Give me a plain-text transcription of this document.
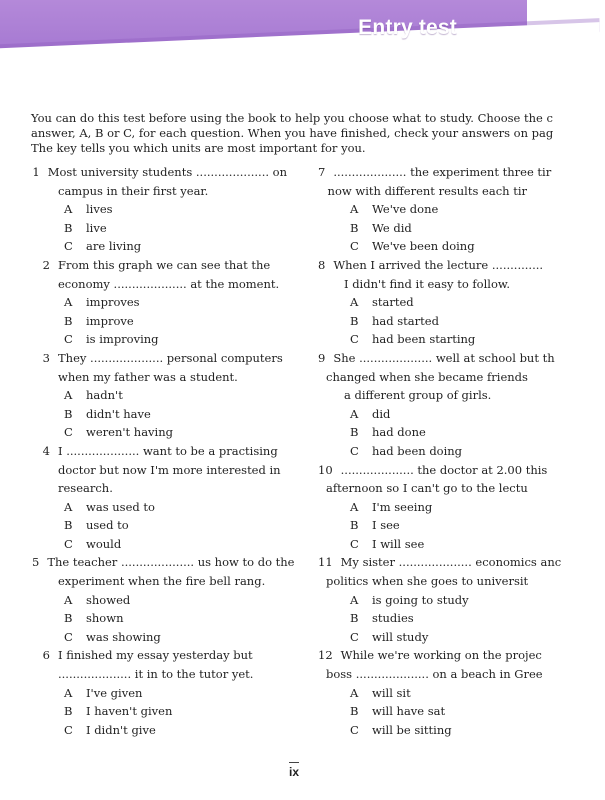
Entry test
You can do this test before using the book to help you choose what to study. Choose the c
answer, A, B or C, for each question. When you have finished, check your answers on pag
The key tells you which units are most important for you.
1 Most university students .................... on
campus in their first year.
A	lives
B	live
C	are living
2 From this graph we can see that the
economy .................... at the moment.
A	improves
B	improve
C	is improving
3 They .................... personal computers
when my father was a student.
A	hadn't
B	didn't have
C	weren't having
4 I .................... want to be a practising
doctor but now I'm more interested in
research.
A	was used to
B	used to
C	would
5 The teacher .................... us how to do the
experiment when the fire bell rang.
A	showed
B	shown
C	was showing
6 I finished my essay yesterday but
.................... it in to the tutor yet.
A	I've given
B	I haven't given
C	I didn't give
7 .................... the experiment three tir
now with different results each tir
A	We've done
B	We did
C	We've been doing
8 When I arrived the lecture ..............
I didn't find it easy to follow.
A	started
B	had started
C	had been starting
9 She .................... well at school but th
changed when she became friends
a different group of girls.
A	did
B	had done
C	had been doing
10 .................... the doctor at 2.00 this
afternoon so I can't go to the lectu
A	I'm seeing
B	I see
C	I will see
11 My sister .................... economics anc
politics when she goes to universit
A	is going to study
B	studies
C	will study
12 While we're working on the projec
boss .................... on a beach in Gree
A	will sit
B	will have sat
C	will be sitting
ix
